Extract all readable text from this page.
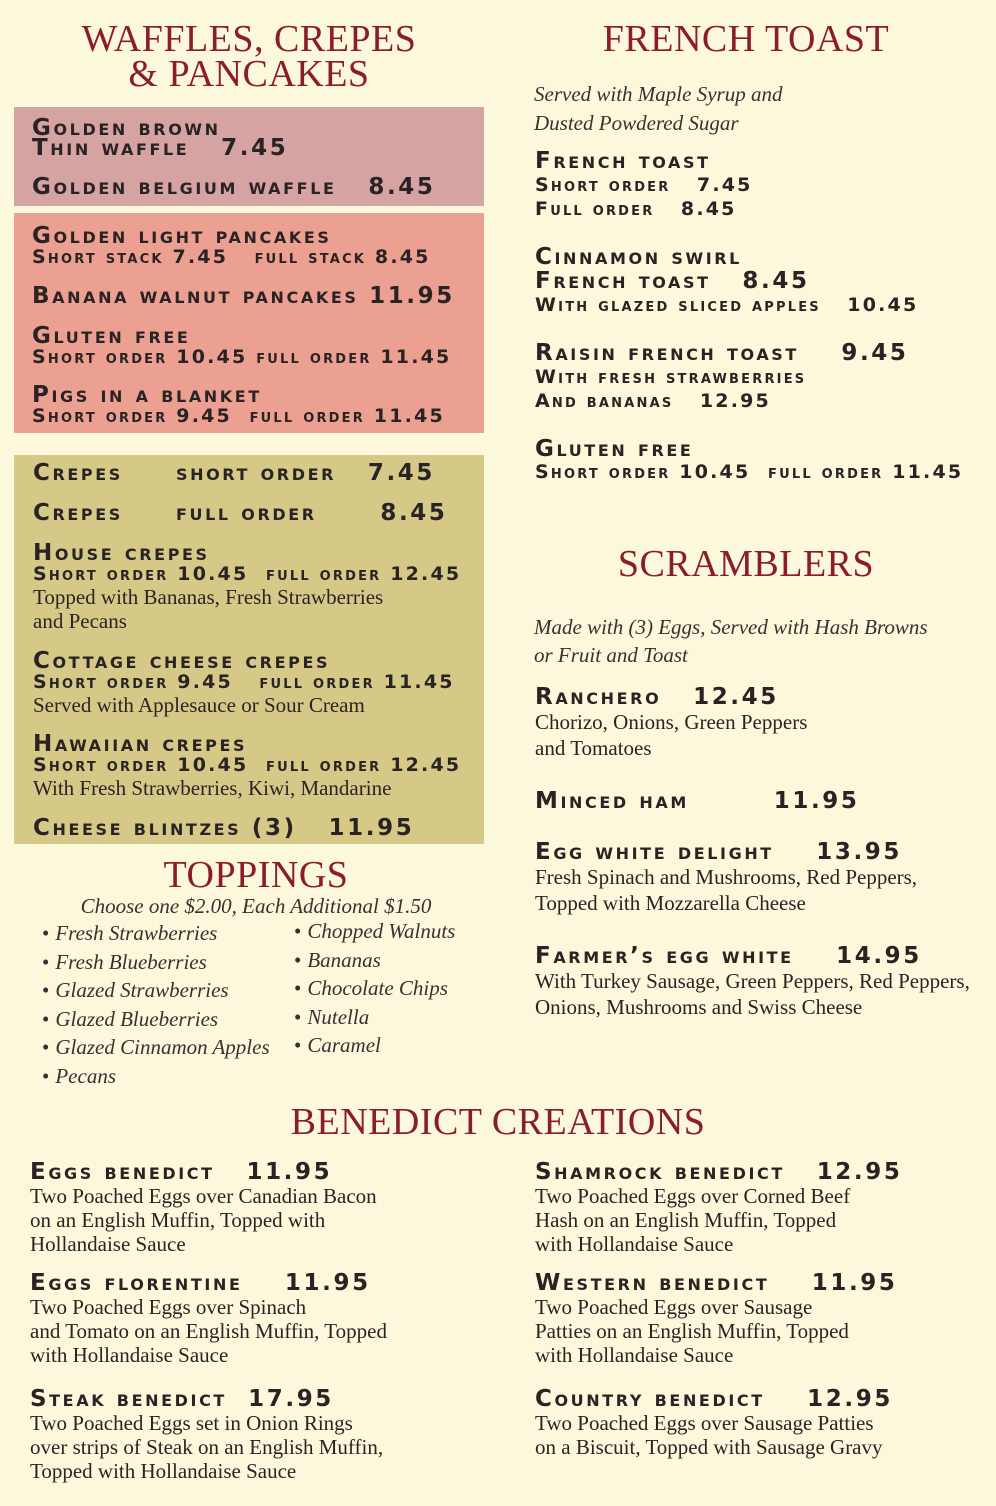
WAFFLES, CREPES
& PANCAKES
Golden brown
Thin waffle   7.45
Golden belgium waffle   8.45
Golden light pancakes
Short stack 7.45   full stack 8.45
Banana walnut pancakes 11.95
Gluten free
Short order 10.45 full order 11.45
Pigs in a blanket
Short order 9.45  full order 11.45
Crepes     short order   7.45
Crepes     full order      8.45
House crepes
Short order 10.45  full order 12.45
Topped with Bananas, Fresh Strawberries
and Pecans
Cottage cheese crepes
Short order 9.45   full order 11.45
Served with Applesauce or Sour Cream
Hawaiian crepes
Short order 10.45  full order 12.45
With Fresh Strawberries, Kiwi, Mandarine
Cheese blintzes (3)   11.95
TOPPINGS
Choose one $2.00, Each Additional $1.50
• Fresh Strawberries
• Fresh Blueberries
• Glazed Strawberries
• Glazed Blueberries
• Glazed Cinnamon Apples
• Pecans
• Chopped Walnuts
• Bananas
• Chocolate Chips
• Nutella
• Caramel
FRENCH TOAST
Served with Maple Syrup and
Dusted Powdered Sugar
French toast
Short order   7.45
Full order   8.45
Cinnamon swirl
French toast   8.45
With glazed sliced apples   10.45
Raisin french toast    9.45
With fresh strawberries
And bananas   12.95
Gluten free
Short order 10.45  full order 11.45
SCRAMBLERS
Made with (3) Eggs, Served with Hash Browns
or Fruit and Toast
Ranchero   12.45
Chorizo, Onions, Green Peppers
and Tomatoes
Minced ham        11.95
Egg white delight    13.95
Fresh Spinach and Mushrooms, Red Peppers,
Topped with Mozzarella Cheese
Farmer’s egg white    14.95
With Turkey Sausage, Green Peppers, Red Peppers,
Onions, Mushrooms and Swiss Cheese
BENEDICT CREATIONS
Eggs benedict   11.95
Two Poached Eggs over Canadian Bacon
on an English Muffin, Topped with
Hollandaise Sauce
Eggs florentine    11.95
Two Poached Eggs over Spinach
and Tomato on an English Muffin, Topped
with Hollandaise Sauce
Steak benedict  17.95
Two Poached Eggs set in Onion Rings
over strips of Steak on an English Muffin,
Topped with Hollandaise Sauce
Shamrock benedict   12.95
Two Poached Eggs over Corned Beef
Hash on an English Muffin, Topped
with Hollandaise Sauce
Western benedict    11.95
Two Poached Eggs over Sausage
Patties on an English Muffin, Topped
with Hollandaise Sauce
Country benedict    12.95
Two Poached Eggs over Sausage Patties
on a Biscuit, Topped with Sausage Gravy
